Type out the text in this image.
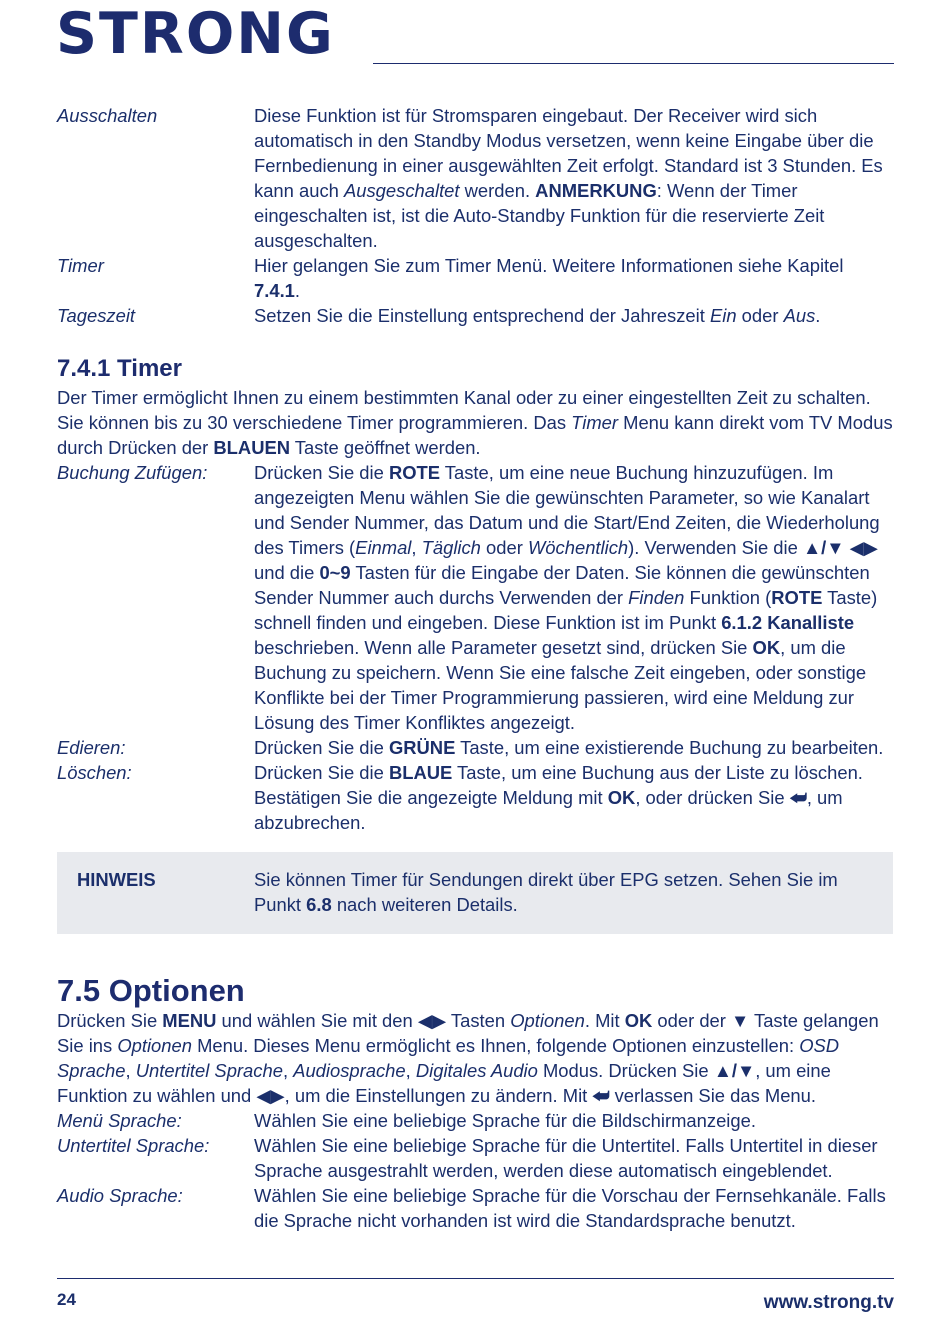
STRONG
Ausschalten	Diese Funktion ist für Stromsparen eingebaut. Der Receiver wird sich automatisch in den Standby Modus versetzen, wenn keine Eingabe über die Fernbedienung in einer ausgewählten Zeit erfolgt. Standard ist 3 Stunden. Es kann auch Ausgeschaltet werden. ANMERKUNG: Wenn der Timer eingeschalten ist, ist die Auto-Standby Funktion für die reservierte Zeit ausgeschalten.
Timer	Hier gelangen Sie zum Timer Menü. Weitere Informationen siehe Kapitel 7.4.1.
Tageszeit	Setzen Sie die Einstellung entsprechend der Jahreszeit Ein oder Aus.
7.4.1 Timer
Der Timer ermöglicht Ihnen zu einem bestimmten Kanal oder zu einer eingestellten Zeit zu schalten. Sie können bis zu 30 verschiedene Timer programmieren. Das Timer Menu kann direkt vom TV Modus durch Drücken der BLAUEN Taste geöffnet werden.
Buchung Zufügen:	Drücken Sie die ROTE Taste, um eine neue Buchung hinzuzufügen. Im angezeigten Menu wählen Sie die gewünschten Parameter, so wie Kanalart und Sender Nummer, das Datum und die Start/End Zeiten, die Wiederholung des Timers (Einmal, Täglich oder Wöchentlich). Verwenden Sie die ▲/▼ ◀▶ und die 0~9 Tasten für die Eingabe der Daten. Sie können die gewünschten Sender Nummer auch durchs Verwenden der Finden Funktion (ROTE Taste) schnell finden und eingeben. Diese Funktion ist im Punkt 6.1.2 Kanalliste beschrieben. Wenn alle Parameter gesetzt sind, drücken Sie OK, um die Buchung zu speichern. Wenn Sie eine falsche Zeit eingeben, oder sonstige Konflikte bei der Timer Programmierung passieren, wird eine Meldung zur Lösung des Timer Konfliktes angezeigt.
Edieren:	Drücken Sie die GRÜNE Taste, um eine existierende Buchung zu bearbeiten.
Löschen:	Drücken Sie die BLAUE Taste, um eine Buchung aus der Liste zu löschen. Bestätigen Sie die angezeigte Meldung mit OK, oder drücken Sie ⮨, um abzubrechen.
HINWEIS	Sie können Timer für Sendungen direkt über EPG setzen. Sehen Sie im Punkt 6.8 nach weiteren Details.
7.5 Optionen
Drücken Sie MENU und wählen Sie mit den ◀▶ Tasten Optionen. Mit OK oder der ▼ Taste gelangen Sie ins Optionen Menu. Dieses Menu ermöglicht es Ihnen, folgende Optionen einzustellen: OSD Sprache, Untertitel Sprache, Audiosprache, Digitales Audio Modus. Drücken Sie ▲/▼, um eine Funktion zu wählen und ◀▶, um die Einstellungen zu ändern. Mit ⮨ verlassen Sie das Menu.
Menü Sprache:	Wählen Sie eine beliebige Sprache für die Bildschirmanzeige.
Untertitel Sprache:	Wählen Sie eine beliebige Sprache für die Untertitel. Falls Untertitel in dieser Sprache ausgestrahlt werden, werden diese automatisch eingeblendet.
Audio Sprache:	Wählen Sie eine beliebige Sprache für die Vorschau der Fernsehkanäle. Falls die Sprache nicht vorhanden ist wird die Standardsprache benutzt.
24	www.strong.tv
